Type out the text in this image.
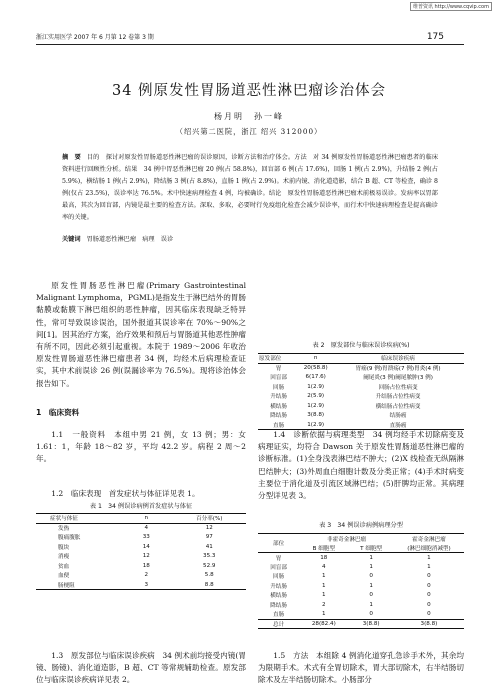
维普资讯 http://www.cqvip.com
浙江实用医学 2007 年 6 月第 12 卷第 3 期	175
34 例原发性胃肠道恶性淋巴瘤诊治体会
杨月明　孙一峰
（绍兴第二医院，浙江 绍兴 312000）
摘　要 目的　探讨对原发性胃肠道恶性淋巴瘤的误诊原因，诊断方法和治疗体会。方法　对 34 例原发性胃肠道恶性淋巴瘤患者的临床资料进行回顾性分析。结果　34 例中胃恶性淋巴瘤 20 例(占 58.8%)，回盲部 6 例(占 17.6%)，回肠 1 例(占 2.9%)，升结肠 2 例(占 5.9%)，横结肠 1 例(占 2.9%)，降结肠 3 例(占 8.8%)，直肠 1 例(占 2.9%)。术前内镜、消化道造影，结合 B 超、CT 等检查，确诊 8 例(仅占 23.5%)，误诊率达 76.5%。术中快速病理检查 4 例，均被确诊。结论　原发性胃肠道恶性淋巴瘤术前极易误诊。发病率以胃部最高，其次为回盲部，内镜是最主要的检查方法。深取、多取，必要时行免疫组化检查会减少误诊率，而行术中快速病理检查是提高确诊率的关键。
关键词 胃肠道恶性淋巴瘤　病理　误诊

原发性胃肠恶性淋巴瘤(Primary Gastrointestinal Malignant Lymphoma，PGML)是指发生于淋巴结外的胃肠黏膜或黏膜下淋巴组织的恶性肿瘤，因其临床表现缺乏特异性，常可导致误诊误治，国外报道其误诊率在 70%～90%之间[1]。因其治疗方案，治疗效果和预后与胃肠道其他恶性肿瘤有所不同，因此必须引起重视。本院于 1989～2006 年收治原发性胃肠道恶性淋巴瘤患者 34 例，均经术后病理检查证实，其中术前误诊 26 例(误漏诊率为 76.5%)。现将诊治体会报告如下。

1　临床资料

1.1　一般资料　本组中男 21 例，女 13 例；男：女 1.61：1，年龄 18～82 岁，平均 42.2 岁。病程 2 周～2 年。

1.2　临床表现　首发症状与体征详见表 1。

表 1　34 例误诊病例首发症状与体征
症状与体征	n	百分率(%)
发热	4	12
腹痛腹胀	33	97
腹块	14	41
消瘦	12	35.3
贫血	18	52.9
血便	2	5.8
肠梗阻	3	8.8

1.3　原发部位与临床误诊疾病　34 例术前均接受内镜(胃镜、肠镜)、消化道造影，B 超、CT 等常规辅助检查。原发部位与临床误诊疾病详见表 2。

表 2　原发部位与临床误诊疾病(%)
原发部位	n	临床误诊疾病
胃	20(58.8)	胃癌(9 例)胃溃疡(7 例)胃炎(4 例)
回盲部	6(17.6)	阑尾炎(3 例)阑尾脓肿(3 例)
回肠	1(2.9)	回肠占位性病变
升结肠	2(5.9)	升结肠占位性病变
横结肠	1(2.9)	横结肠占位性病变
降结肠	3(8.8)	结肠癌
直肠	1(2.9)	直肠癌

1.4　诊断依据与病理类型　34 例均经手术切除病变及病理证实，均符合 Dawson 关于原发性胃肠道恶性淋巴瘤的诊断标准。(1)全身浅表淋巴结不肿大；(2)X 线检查无纵隔淋巴结肿大；(3)外周血白细胞计数及分类正常；(4)手术时病变主要位于消化道及引流区域淋巴结；(5)肝脾均正常。其病理分型详见表 3。

表 3　34 例误诊病例病理分型
部位	非霍奇金淋巴瘤		霍奇金淋巴瘤
	B 细胞型	T 细胞型	(淋巴细胞消减型)
胃	18	1	1
回盲部	4	1	1
回肠	1	0	0
升结肠	1	1	0
横结肠	1	0	0
降结肠	2	1	0
直肠	1	0	0
总计	28(82.4)	3(8.8)	3(8.8)

1.5　方法　本组除 4 例消化道穿孔急诊手术外，其余均为限期手术。术式有全胃切除术，胃大部切除术，右半结肠切除术及左半结肠切除术。小肠部分
